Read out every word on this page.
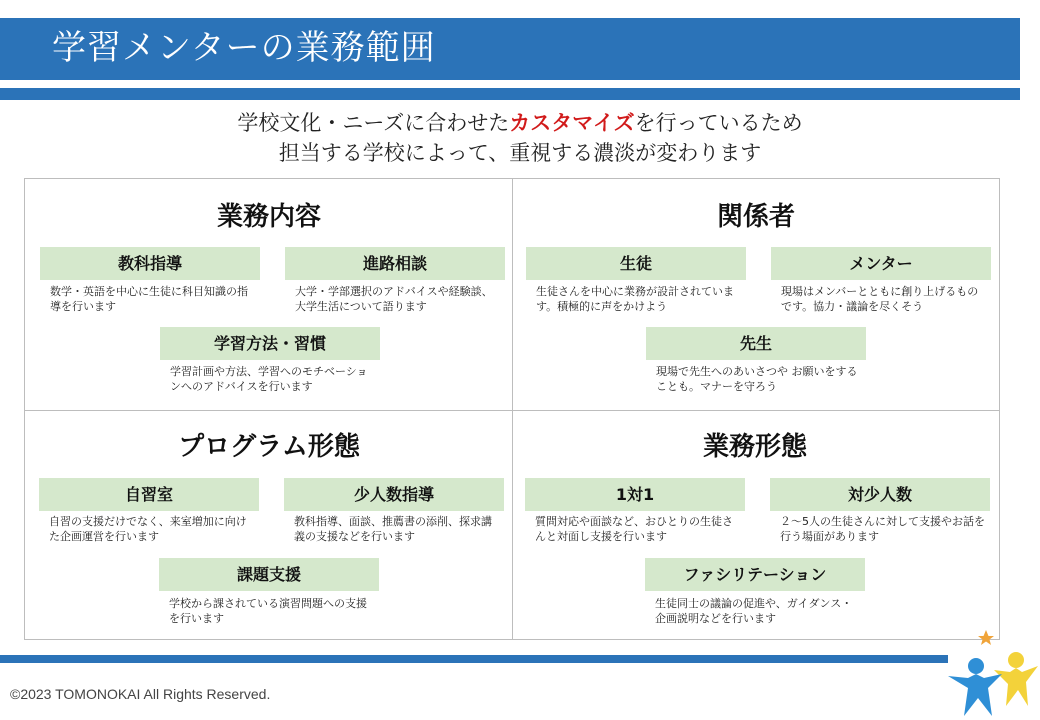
学習メンターの業務範囲
学校文化・ニーズに合わせたカスタマイズを行っているため
担当する学校によって、重視する濃淡が変わります
業務内容
教科指導
数学・英語を中心に生徒に科目知識の指導を行います
進路相談
大学・学部選択のアドバイスや経験談、大学生活について語ります
学習方法・習慣
学習計画や方法、学習へのモチベーションへのアドバイスを行います
関係者
生徒
生徒さんを中心に業務が設計されています。積極的に声をかけよう
メンター
現場はメンバーとともに創り上げるものです。協力・議論を尽くそう
先生
現場で先生へのあいさつや お願いをすることも。マナーを守ろう
プログラム形態
自習室
自習の支援だけでなく、来室増加に向けた企画運営を行います
少人数指導
教科指導、面談、推薦書の添削、探求講義の支援などを行います
課題支援
学校から課されている演習問題への支援を行います
業務形態
1対1
質問対応や面談など、おひとりの生徒さんと対面し支援を行います
対少人数
２～5人の生徒さんに対して支援やお話を行う場面があります
ファシリテーション
生徒同士の議論の促進や、ガイダンス・企画説明などを行います
©2023 TOMONOKAI All Rights Reserved.
